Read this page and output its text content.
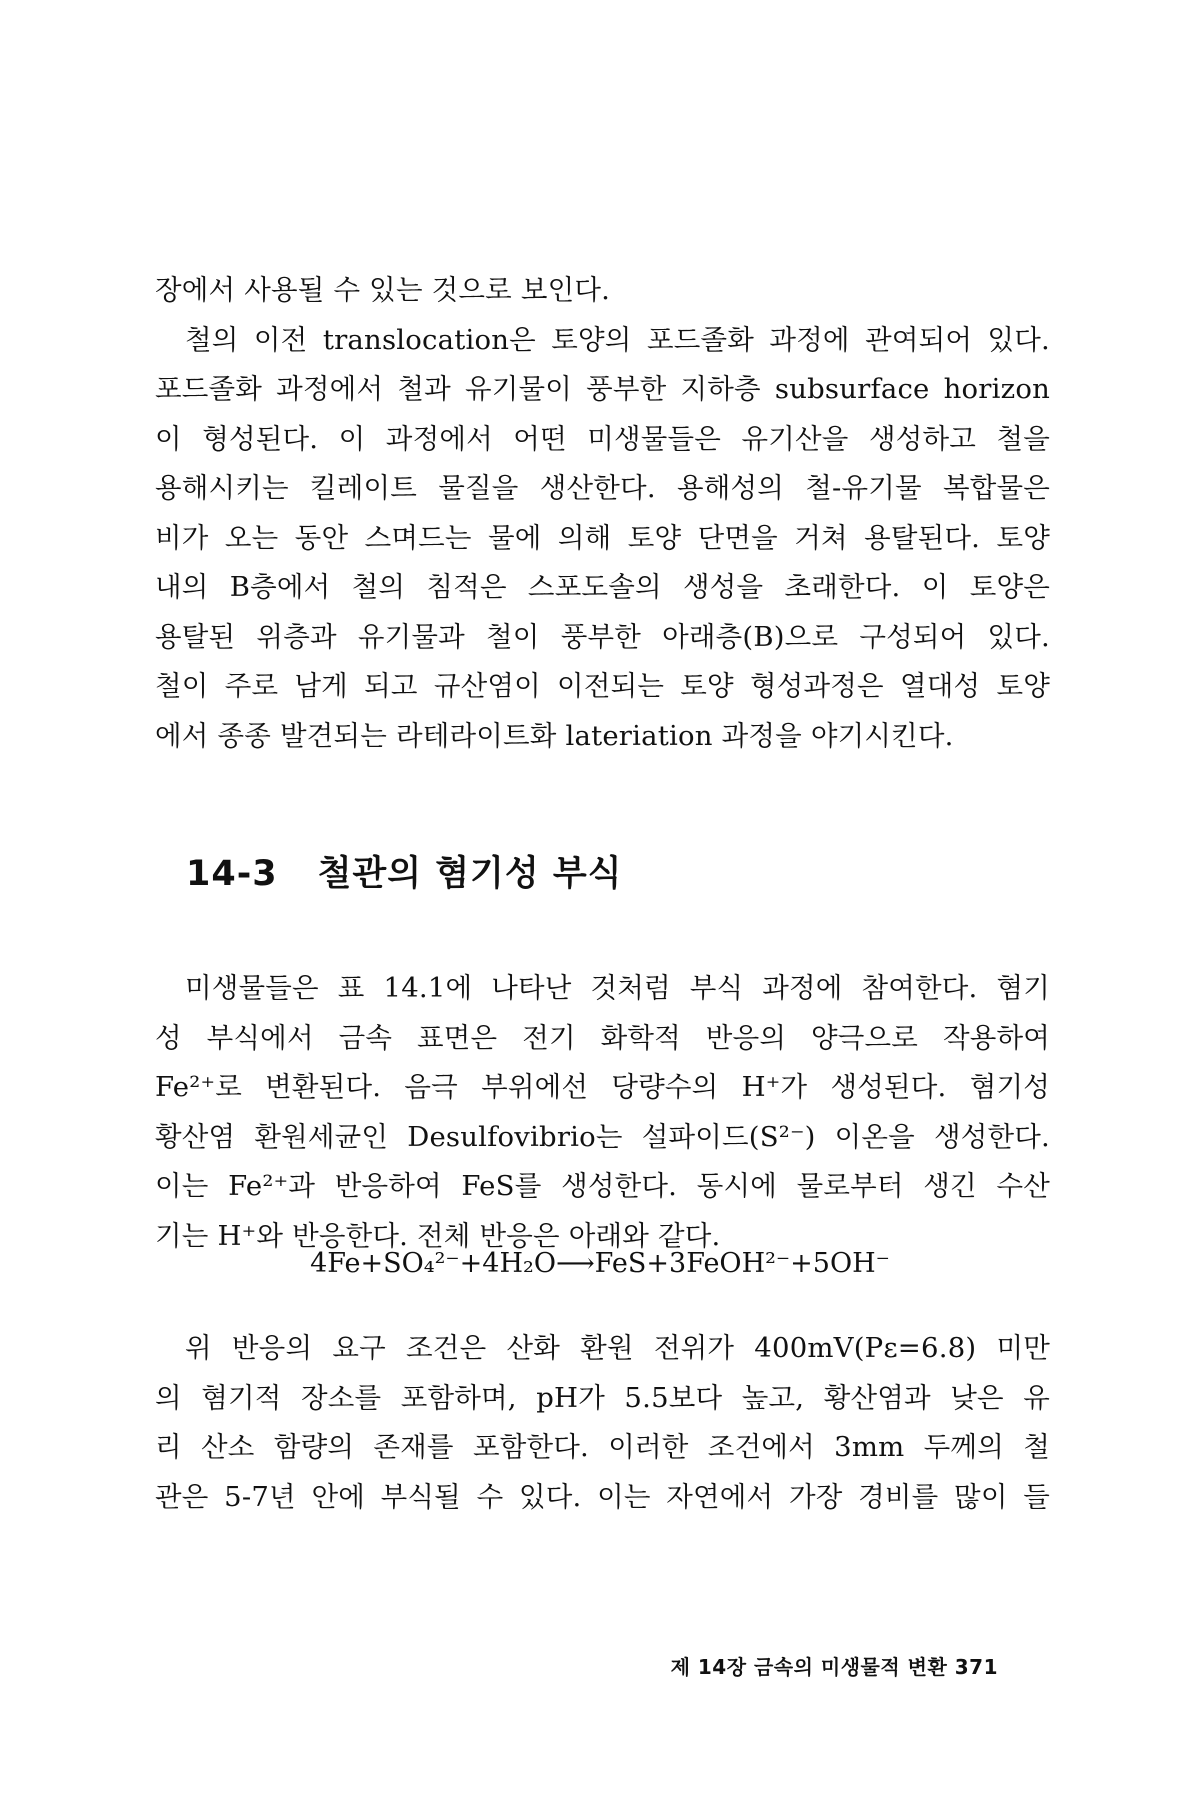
장에서 사용될 수 있는 것으로 보인다.
철의 이전 translocation은 토양의 포드졸화 과정에 관여되어 있다.
포드졸화 과정에서 철과 유기물이 풍부한 지하층 subsurface horizon
이 형성된다. 이 과정에서 어떤 미생물들은 유기산을 생성하고 철을
용해시키는 킬레이트 물질을 생산한다. 용해성의 철-유기물 복합물은
비가 오는 동안 스며드는 물에 의해 토양 단면을 거쳐 용탈된다. 토양
내의 B층에서 철의 침적은 스포도솔의 생성을 초래한다. 이 토양은
용탈된 위층과 유기물과 철이 풍부한 아래층(B)으로 구성되어 있다.
철이 주로 남게 되고 규산염이 이전되는 토양 형성과정은 열대성 토양
에서 종종 발견되는 라테라이트화 lateriation 과정을 야기시킨다.
14-3 철관의 혐기성 부식
미생물들은 표 14.1에 나타난 것처럼 부식 과정에 참여한다. 혐기
성 부식에서 금속 표면은 전기 화학적 반응의 양극으로 작용하여
Fe²⁺로 변환된다. 음극 부위에선 당량수의 H⁺가 생성된다. 혐기성
황산염 환원세균인 Desulfovibrio는 설파이드(S²⁻) 이온을 생성한다.
이는 Fe²⁺과 반응하여 FeS를 생성한다. 동시에 물로부터 생긴 수산
기는 H⁺와 반응한다. 전체 반응은 아래와 같다.
4Fe+SO₄²⁻+4H₂O⟶FeS+3FeOH²⁻+5OH⁻
위 반응의 요구 조건은 산화 환원 전위가 400mV(Pε=6.8) 미만
의 혐기적 장소를 포함하며, pH가 5.5보다 높고, 황산염과 낮은 유
리 산소 함량의 존재를 포함한다. 이러한 조건에서 3mm 두께의 철
관은 5-7년 안에 부식될 수 있다. 이는 자연에서 가장 경비를 많이 들
제 14장 금속의 미생물적 변환 371
